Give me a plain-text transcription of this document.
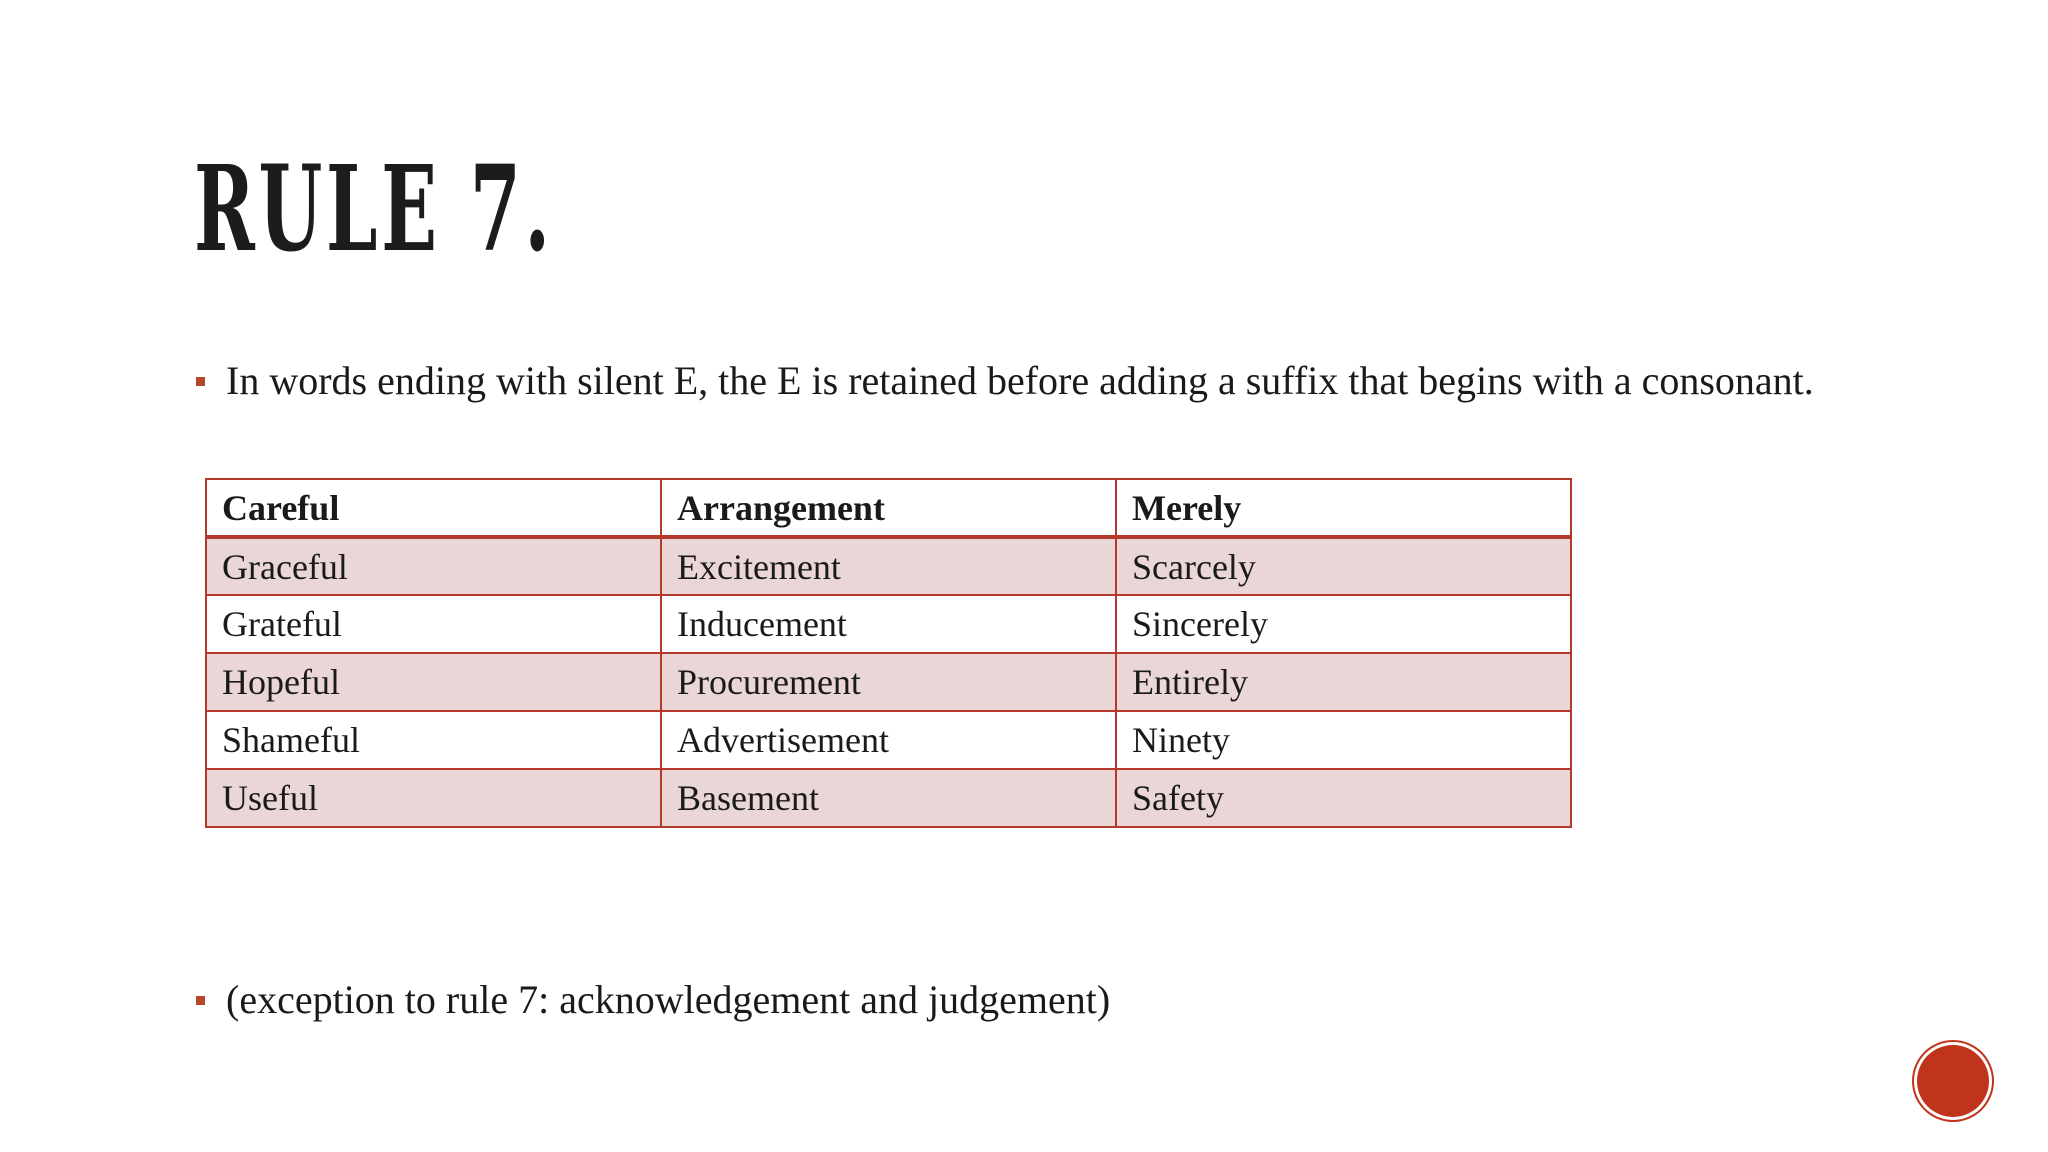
RULE 7.
In words ending with silent E, the E is retained before adding a suffix that begins with a consonant.
Careful	Arrangement	Merely
Graceful	Excitement	Scarcely
Grateful	Inducement	Sincerely
Hopeful	Procurement	Entirely
Shameful	Advertisement	Ninety
Useful	Basement	Safety
(exception to rule 7: acknowledgement and judgement)
